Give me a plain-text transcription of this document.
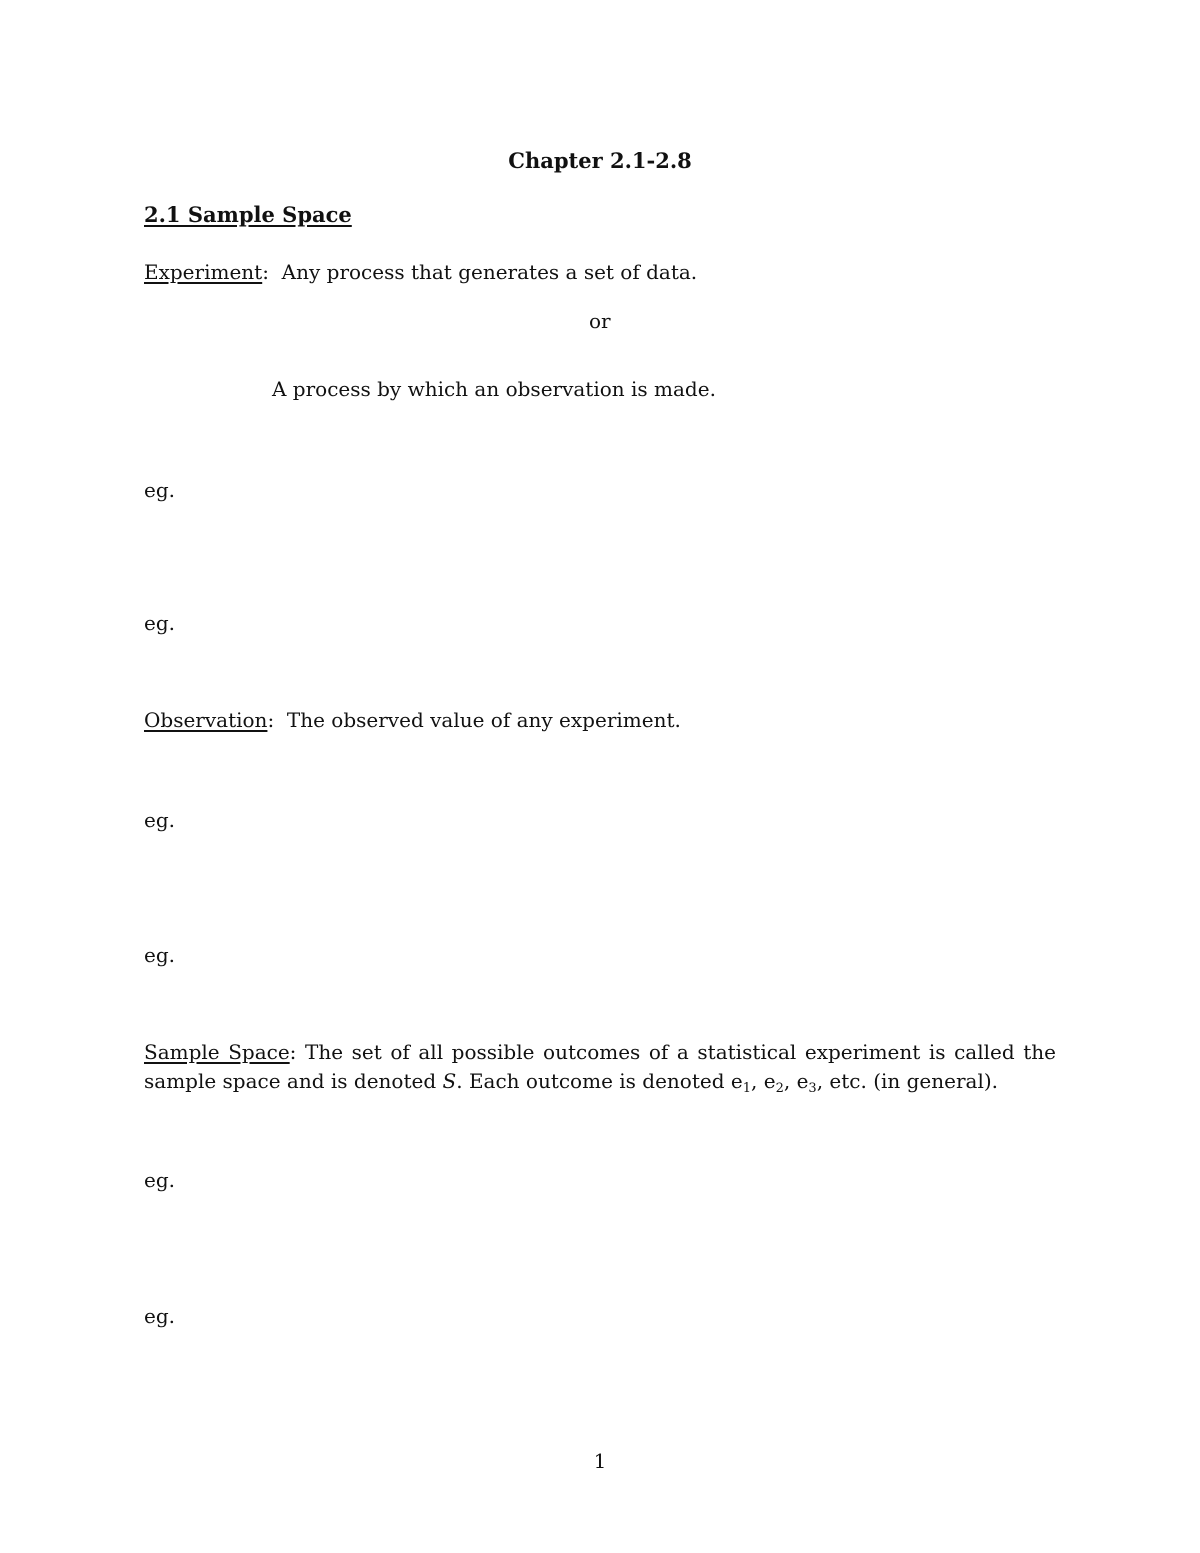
Chapter 2.1-2.8
2.1 Sample Space
Experiment:  Any process that generates a set of data.
or
A process by which an observation is made.
eg.
eg.
Observation:  The observed value of any experiment.
eg.
eg.
Sample Space: The set of all possible outcomes of a statistical experiment is called the
sample space and is denoted S. Each outcome is denoted $e_1$, $e_2$, $e_3$, etc. (in general).
eg.
eg.
1
